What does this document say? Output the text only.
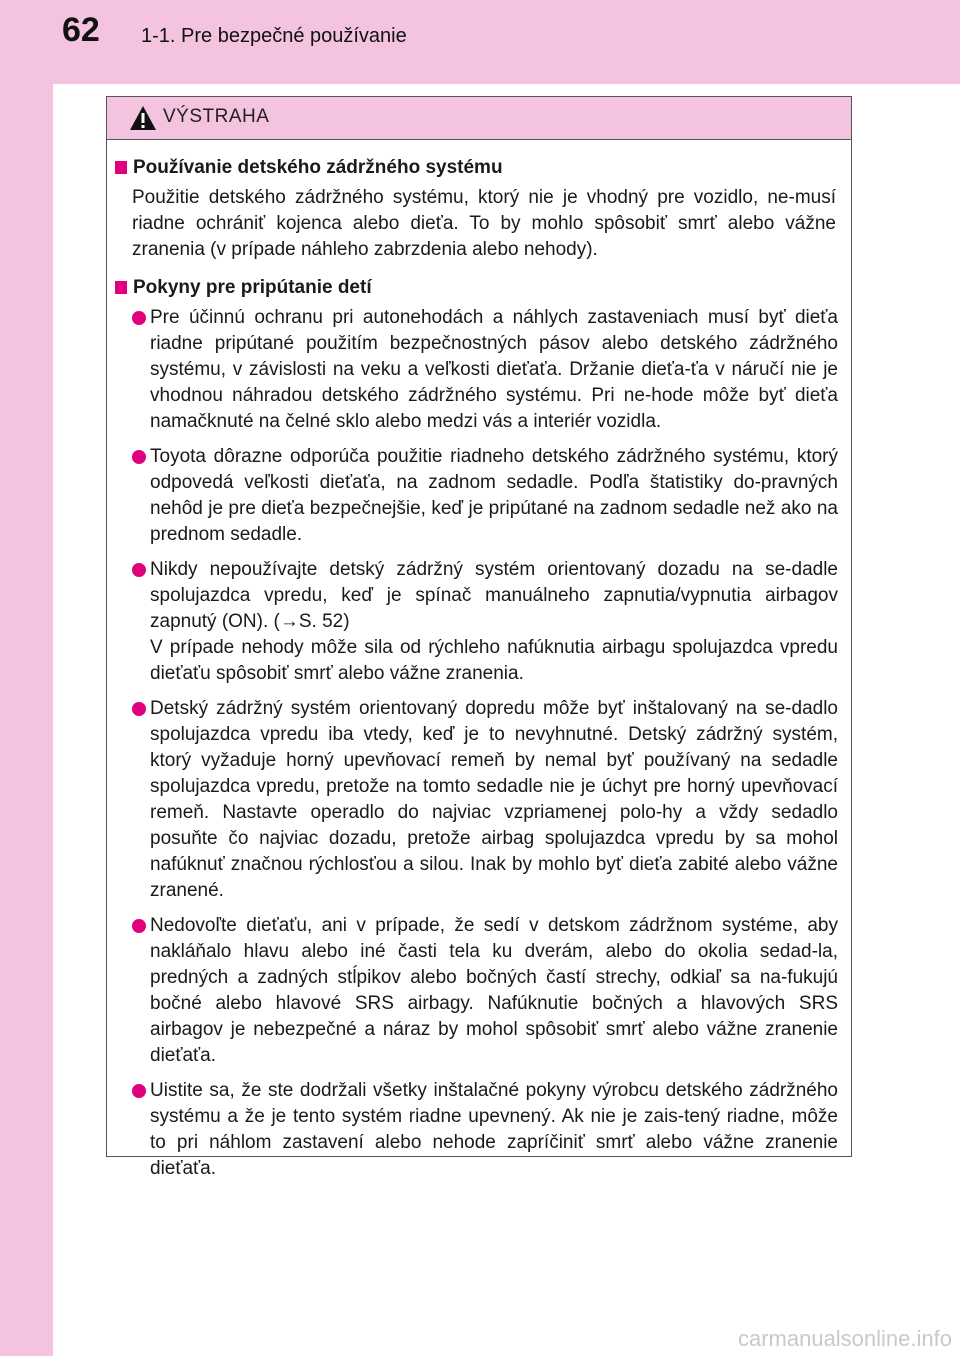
62 1-1. Pre bezpečné používanie
VÝSTRAHA
Používanie detského zádržného systému
Použitie detského zádržného systému, ktorý nie je vhodný pre vozidlo, ne-musí riadne ochrániť kojenca alebo dieťa. To by mohlo spôsobiť smrť alebo vážne zranenia (v prípade náhleho zabrzdenia alebo nehody).
Pokyny pre pripútanie detí
Pre účinnú ochranu pri autonehodách a náhlych zastaveniach musí byť dieťa riadne pripútané použitím bezpečnostných pásov alebo detského zádržného systému, v závislosti na veku a veľkosti dieťaťa. Držanie dieťa-ťa v náručí nie je vhodnou náhradou detského zádržného systému. Pri ne-hode môže byť dieťa namačknuté na čelné sklo alebo medzi vás a interiér vozidla.
Toyota dôrazne odporúča použitie riadneho detského zádržného systému, ktorý odpovedá veľkosti dieťaťa, na zadnom sedadle. Podľa štatistiky do-pravných nehôd je pre dieťa bezpečnejšie, keď je pripútané na zadnom sedadle než ako na prednom sedadle.
Nikdy nepoužívajte detský zádržný systém orientovaný dozadu na se-dadle spolujazdca vpredu, keď je spínač manuálneho zapnutia/vypnutia airbagov zapnutý (ON). (→S. 52)
V prípade nehody môže sila od rýchleho nafúknutia airbagu spolujazdca vpredu dieťaťu spôsobiť smrť alebo vážne zranenia.
Detský zádržný systém orientovaný dopredu môže byť inštalovaný na se-dadlo spolujazdca vpredu iba vtedy, keď je to nevyhnutné. Detský zádržný systém, ktorý vyžaduje horný upevňovací remeň by nemal byť používaný na sedadle spolujazdca vpredu, pretože na tomto sedadle nie je úchyt pre horný upevňovací remeň. Nastavte operadlo do najviac vzpriamenej polo-hy a vždy sedadlo posuňte čo najviac dozadu, pretože airbag spolujazdca vpredu by sa mohol nafúknuť značnou rýchlosťou a silou. Inak by mohlo byť dieťa zabité alebo vážne zranené.
Nedovoľte dieťaťu, ani v prípade, že sedí v detskom zádržnom systéme, aby nakláňalo hlavu alebo iné časti tela ku dverám, alebo do okolia sedad-la, predných a zadných stĺpikov alebo bočných častí strechy, odkiaľ sa na-fukujú bočné alebo hlavové SRS airbagy. Nafúknutie bočných a hlavových SRS airbagov je nebezpečné a náraz by mohol spôsobiť smrť alebo vážne zranenie dieťaťa.
Uistite sa, že ste dodržali všetky inštalačné pokyny výrobcu detského zádržného systému a že je tento systém riadne upevnený. Ak nie je zais-tený riadne, môže to pri náhlom zastavení alebo nehode zapríčiniť smrť alebo vážne zranenie dieťaťa.
carmanualsonline.info
